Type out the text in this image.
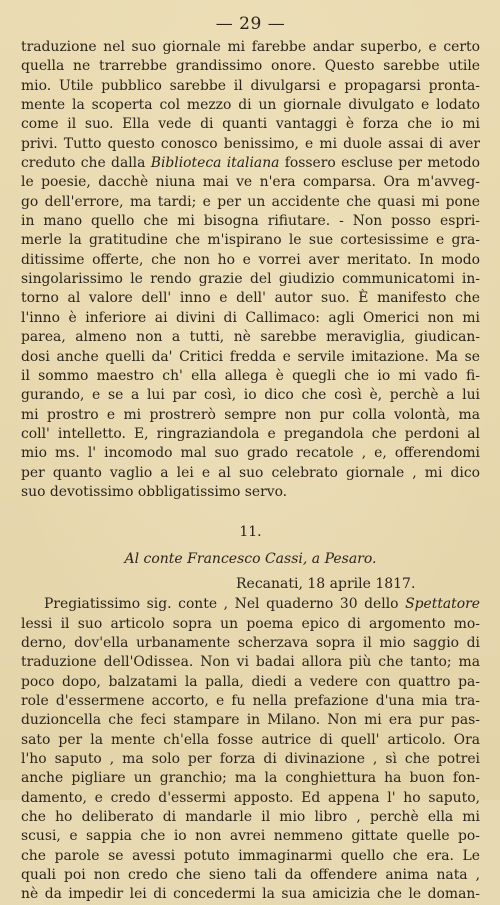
— 29 —
traduzione nel suo giornale mi farebbe andar superbo, e certo
quella ne trarrebbe grandissimo onore. Questo sarebbe utile
mio. Utile pubblico sarebbe il divulgarsi e propagarsi pronta-
mente la scoperta col mezzo di un giornale divulgato e lodato
come il suo. Ella vede di quanti vantaggi è forza che io mi
privi. Tutto questo conosco benissimo, e mi duole assai di aver
creduto che dalla Biblioteca italiana fossero escluse per metodo
le poesie, dacchè niuna mai ve n'era comparsa. Ora m'avveg-
go dell'errore, ma tardi; e per un accidente che quasi mi pone
in mano quello che mi bisogna rifiutare. - Non posso espri-
merle la gratitudine che m'ispirano le sue cortesissime e gra-
ditissime offerte, che non ho e vorrei aver meritato. In modo
singolarissimo le rendo grazie del giudizio communicatomi in-
torno al valore dell' inno e dell' autor suo. È manifesto che
l'inno è inferiore ai divini di Callimaco: agli Omerici non mi
parea, almeno non a tutti, nè sarebbe meraviglia, giudican-
dosi anche quelli da' Critici fredda e servile imitazione. Ma se
il sommo maestro ch' ella allega è quegli che io mi vado fi-
gurando, e se a lui par così, io dico che così è, perchè a lui
mi prostro e mi prostrerò sempre non pur colla volontà, ma
coll' intelletto. E, ringraziandola e pregandola che perdoni al
mio ms. l' incomodo mal suo grado recatole , e, offerendomi
per quanto vaglio a lei e al suo celebrato giornale , mi dico
suo devotissimo obbligatissimo servo.
11.
Al conte Francesco Cassi, a Pesaro.
Recanati, 18 aprile 1817.
Pregiatissimo sig. conte , Nel quaderno 30 dello Spettatore
lessi il suo articolo sopra un poema epico di argomento mo-
derno, dov'ella urbanamente scherzava sopra il mio saggio di
traduzione dell'Odissea. Non vi badai allora più che tanto; ma
poco dopo, balzatami la palla, diedi a vedere con quattro pa-
role d'essermene accorto, e fu nella prefazione d'una mia tra-
duzioncella che feci stampare in Milano. Non mi era pur pas-
sato per la mente ch'ella fosse autrice di quell' articolo. Ora
l'ho saputo , ma solo per forza di divinazione , sì che potrei
anche pigliare un granchio; ma la conghiettura ha buon fon-
damento, e credo d'essermi apposto. Ed appena l' ho saputo,
che ho deliberato di mandarle il mio libro , perchè ella mi
scusi, e sappia che io non avrei nemmeno gittate quelle po-
che parole se avessi potuto immaginarmi quello che era. Le
quali poi non credo che sieno tali da offendere anima nata ,
nè da impedir lei di concedermi la sua amicizia che le doman-
